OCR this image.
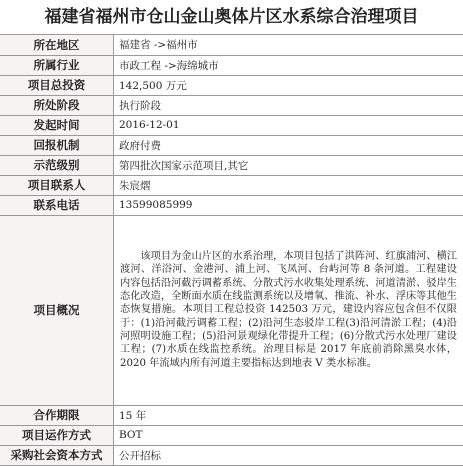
福建省福州市仓山金山奥体片区水系综合治理项目
所在地区	福建省 ->福州市
所属行业	市政工程 ->海绵城市
项目总投资	142,500 万元
所处阶段	执行阶段
发起时间	2016-12-01
回报机制	政府付费
示范级别	第四批次国家示范项目,其它
项目联系人	朱宸熠
联系电话	13599085999
项目概况	该项目为金山片区的水系治理，本项目包括了洪阵河、红旗浦河、横江渡河、洋浴河、金港河、浦上河、飞凤河、台屿河等 8 条河道。工程建设内容包括沿河截污调蓄系统、分散式污水收集处理系统、河道清淤、驳岸生态化改造，全断面水质在线监测系统以及增氧、推流、补水、浮床等其他生态恢复措施。本项目工程总投资 142503 万元，建设内容应包含但不仅限于：(1)沿河截污调蓄工程；(2)沿河生态驳岸工程(3)沿河清淤工程；(4)沿河照明设施工程；(5)沿河景观绿化带提升工程；(6)分散式污水处理厂建设工程；(7)水质在线监控系统。治理目标是 2017 年底前消除黑臭水体，2020 年流域内所有河道主要指标达到地表 V 类水标准。
合作期限	15 年
项目运作方式	BOT
采购社会资本方式	公开招标
